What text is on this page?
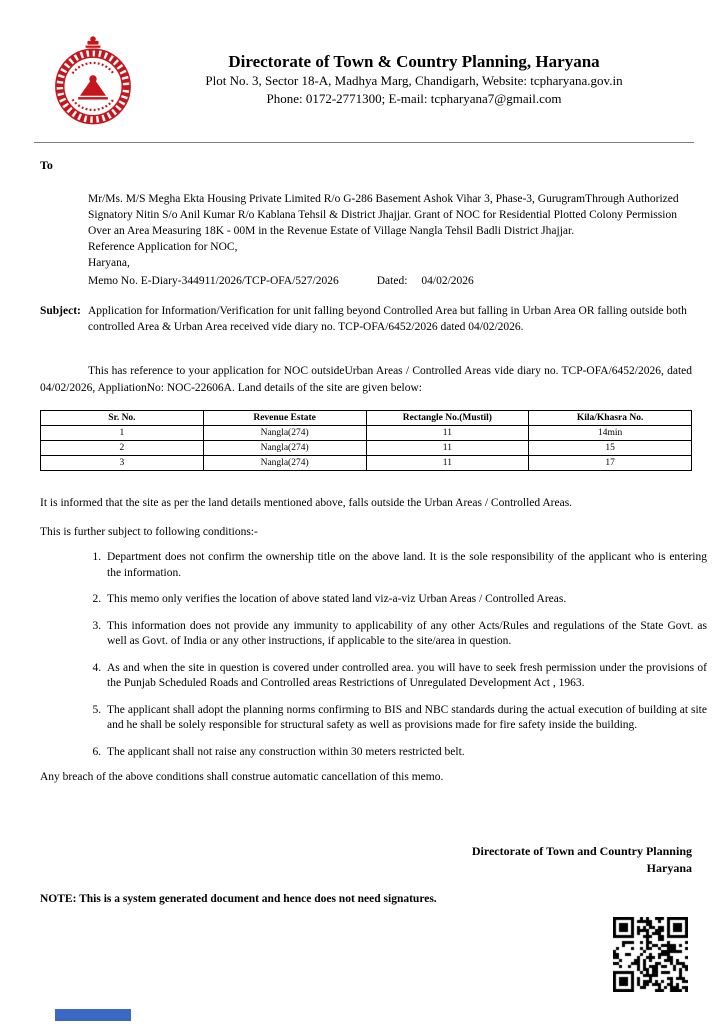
Directorate of Town & Country Planning, Haryana
Plot No. 3, Sector 18-A, Madhya Marg, Chandigarh, Website: tcpharyana.gov.in
Phone: 0172-2771300; E-mail: tcpharyana7@gmail.com
To

Mr/Ms. M/S Megha Ekta Housing Private Limited R/o G-286 Basement Ashok Vihar 3, Phase-3, GurugramThrough Authorized Signatory Nitin S/o Anil Kumar R/o Kablana Tehsil & District Jhajjar. Grant of NOC for Residential Plotted Colony Permission Over an Area Measuring 18K - 00M in the Revenue Estate of Village Nangla Tehsil Badli District Jhajjar.

Reference Application for NOC,

Haryana,

Memo No. E-Diary-344911/2026/TCP-OFA/527/2026	Dated: 04/02/2026

Subject: Application for Information/Verification for unit falling beyond Controlled Area but falling in Urban Area OR falling outside both controlled Area & Urban Area received vide diary no. TCP-OFA/6452/2026 dated 04/02/2026.

This has reference to your application for NOC outsideUrban Areas / Controlled Areas vide diary no. TCP-OFA/6452/2026, dated 04/02/2026, AppliationNo: NOC-22606A. Land details of the site are given below:

Sr. No.	Revenue Estate	Rectangle No.(Mustil)	Kila/Khasra No.
1	Nangla(274)	11	14min
2	Nangla(274)	11	15
3	Nangla(274)	11	17

It is informed that the site as per the land details mentioned above, falls outside the Urban Areas / Controlled Areas.

This is further subject to following conditions:-

1. Department does not confirm the ownership title on the above land. It is the sole responsibility of the applicant who is entering the information.
2. This memo only verifies the location of above stated land viz-a-viz Urban Areas / Controlled Areas.
3. This information does not provide any immunity to applicability of any other Acts/Rules and regulations of the State Govt. as well as Govt. of India or any other instructions, if applicable to the site/area in question.
4. As and when the site in question is covered under controlled area. you will have to seek fresh permission under the provisions of the Punjab Scheduled Roads and Controlled areas Restrictions of Unregulated Development Act , 1963.
5. The applicant shall adopt the planning norms confirming to BIS and NBC standards during the actual execution of building at site and he shall be solely responsible for structural safety as well as provisions made for fire safety inside the building.
6. The applicant shall not raise any construction within 30 meters restricted belt.

Any breach of the above conditions shall construe automatic cancellation of this memo.

Directorate of Town and Country Planning
Haryana

NOTE: This is a system generated document and hence does not need signatures.
